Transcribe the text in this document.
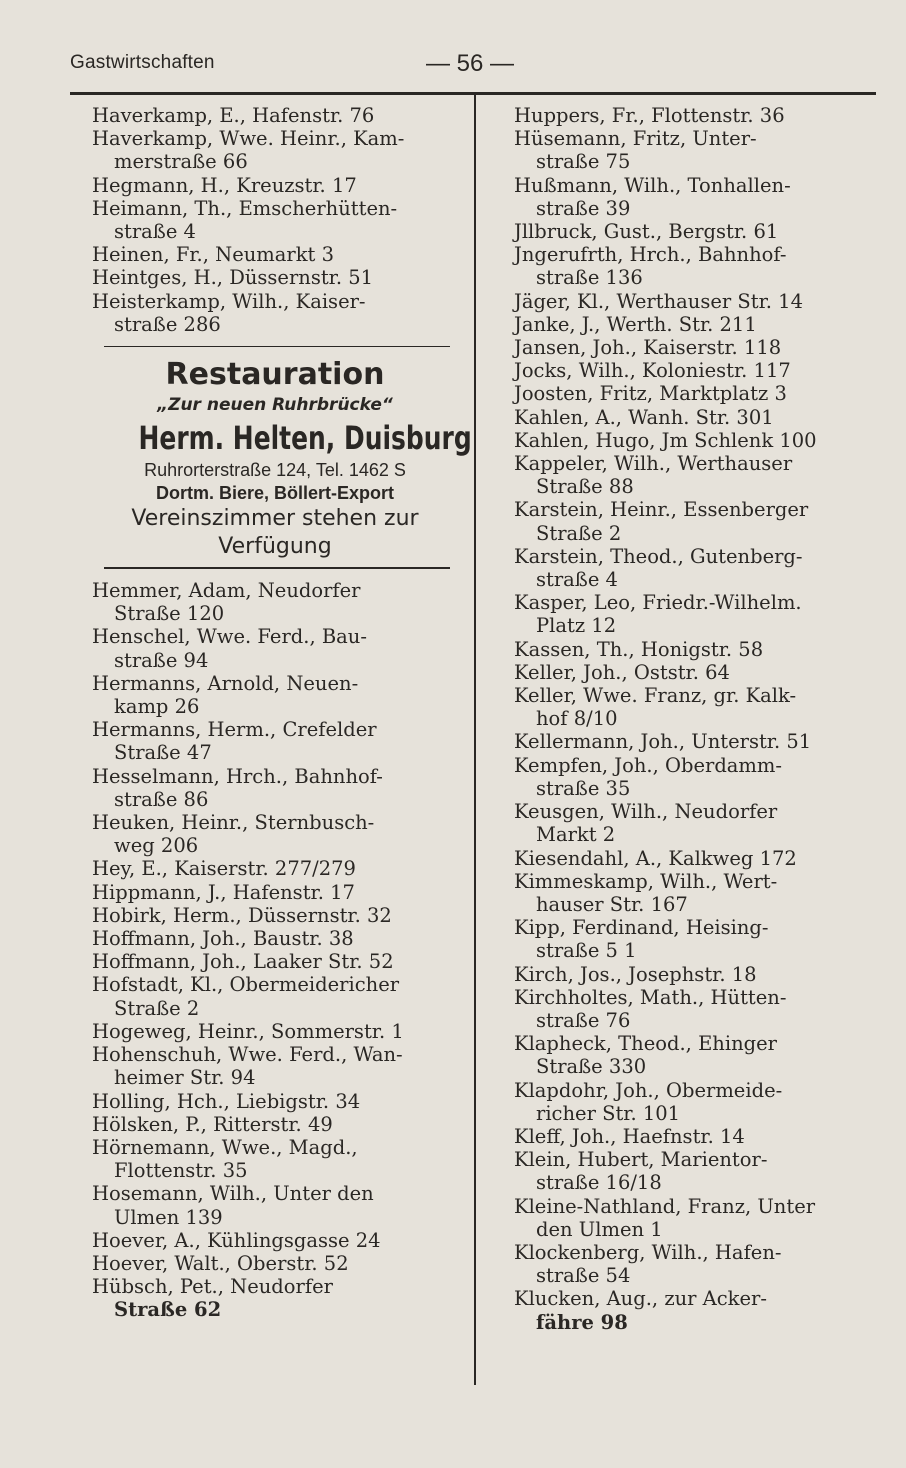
Gastwirtschaften	— 56 —
Haverkamp, E., Hafenstr. 76
Haverkamp, Wwe. Heinr., Kam-
merstraße 66
Hegmann, H., Kreuzstr. 17
Heimann, Th., Emscherhütten-
straße 4
Heinen, Fr., Neumarkt 3
Heintges, H., Düssernstr. 51
Heisterkamp, Wilh., Kaiser-
straße 286
Restauration
„Zur neuen Ruhrbrücke“
Herm. Helten, Duisburg
Ruhrorterstraße 124, Tel. 1462 S
Dortm. Biere, Böllert-Export
Vereinszimmer stehen zur
Verfügung
Hemmer, Adam, Neudorfer
Straße 120
Henschel, Wwe. Ferd., Bau-
straße 94
Hermanns, Arnold, Neuen-
kamp 26
Hermanns, Herm., Crefelder
Straße 47
Hesselmann, Hrch., Bahnhof-
straße 86
Heuken, Heinr., Sternbusch-
weg 206
Hey, E., Kaiserstr. 277/279
Hippmann, J., Hafenstr. 17
Hobirk, Herm., Düssernstr. 32
Hoffmann, Joh., Baustr. 38
Hoffmann, Joh., Laaker Str. 52
Hofstadt, Kl., Obermeidericher
Straße 2
Hogeweg, Heinr., Sommerstr. 1
Hohenschuh, Wwe. Ferd., Wan-
heimer Str. 94
Holling, Hch., Liebigstr. 34
Hölsken, P., Ritterstr. 49
Hörnemann, Wwe., Magd.,
Flottenstr. 35
Hosemann, Wilh., Unter den
Ulmen 139
Hoever, A., Kühlingsgasse 24
Hoever, Walt., Oberstr. 52
Hübsch, Pet., Neudorfer
Straße 62
Huppers, Fr., Flottenstr. 36
Hüsemann, Fritz, Unter-
straße 75
Hußmann, Wilh., Tonhallen-
straße 39
Jllbruck, Gust., Bergstr. 61
Jngerufrth, Hrch., Bahnhof-
straße 136
Jäger, Kl., Werthauser Str. 14
Janke, J., Werth. Str. 211
Jansen, Joh., Kaiserstr. 118
Jocks, Wilh., Koloniestr. 117
Joosten, Fritz, Marktplatz 3
Kahlen, A., Wanh. Str. 301
Kahlen, Hugo, Jm Schlenk 100
Kappeler, Wilh., Werthauser
Straße 88
Karstein, Heinr., Essenberger
Straße 2
Karstein, Theod., Gutenberg-
straße 4
Kasper, Leo, Friedr.-Wilhelm.
Platz 12
Kassen, Th., Honigstr. 58
Keller, Joh., Oststr. 64
Keller, Wwe. Franz, gr. Kalk-
hof 8/10
Kellermann, Joh., Unterstr. 51
Kempfen, Joh., Oberdamm-
straße 35
Keusgen, Wilh., Neudorfer
Markt 2
Kiesendahl, A., Kalkweg 172
Kimmeskamp, Wilh., Wert-
hauser Str. 167
Kipp, Ferdinand, Heising-
straße 5 1
Kirch, Jos., Josephstr. 18
Kirchholtes, Math., Hütten-
straße 76
Klapheck, Theod., Ehinger
Straße 330
Klapdohr, Joh., Obermeide-
richer Str. 101
Kleff, Joh., Haefnstr. 14
Klein, Hubert, Marientor-
straße 16/18
Kleine-Nathland, Franz, Unter
den Ulmen 1
Klockenberg, Wilh., Hafen-
straße 54
Klucken, Aug., zur Acker-
fähre 98
